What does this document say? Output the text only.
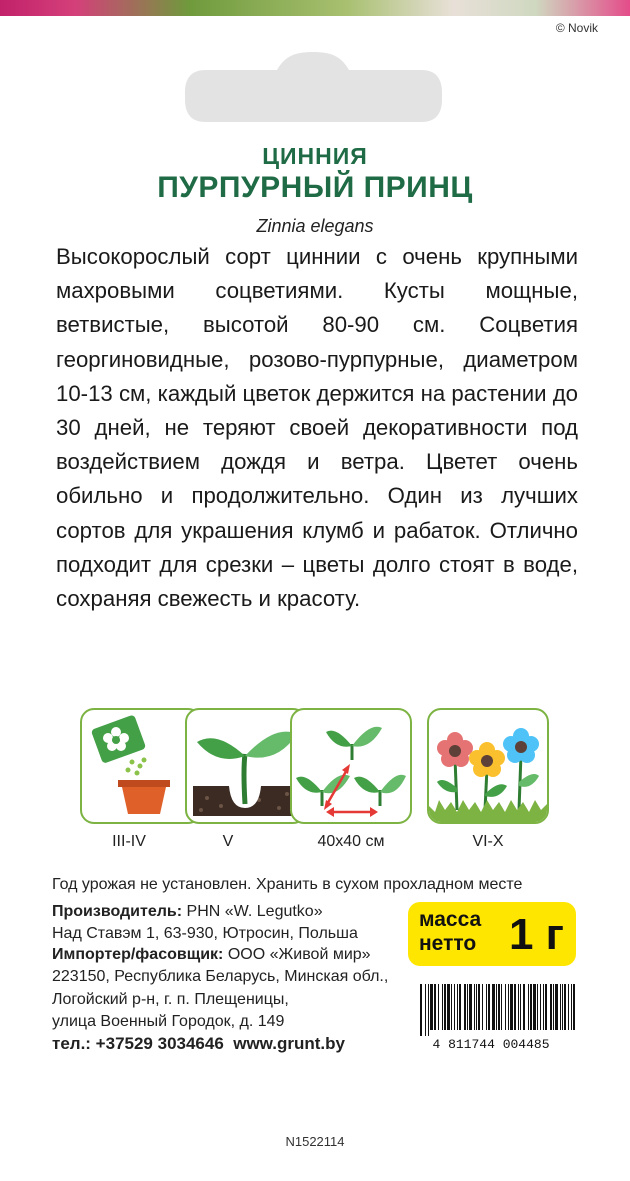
© Novik
ЦИННИЯ
ПУРПУРНЫЙ ПРИНЦ
Zinnia elegans
Высокорослый сорт циннии с очень крупными махровыми соцветиями. Кусты мощные, ветвистые, высотой 80-90 см. Соцветия георгиновидные, розово-пурпурные, диаметром 10-13 см, каждый цветок держится на растении до 30 дней, не теряют своей декоративности под воздействием дождя и ветра. Цветет очень обильно и продолжительно. Один из лучших сортов для украшения клумб и рабаток. Отлично подходит для срезки – цветы долго стоят в воде, сохраняя свежесть и красоту.
III-IV	V	40х40 см	VI-X
Год урожая не установлен. Хранить в сухом прохладном месте
Производитель: PHN «W. Legutko»
Над Ставэм 1, 63-930, Ютросин, Польша
Импортер/фасовщик: ООО «Живой мир»
223150, Республика Беларусь, Минская обл.,
Логойский р-н, г. п. Плещеницы,
улица Военный Городок, д. 149
тел.: +37529 3034646  www.grunt.by
масса нетто 1 г
4 811744 004485
N1522114
